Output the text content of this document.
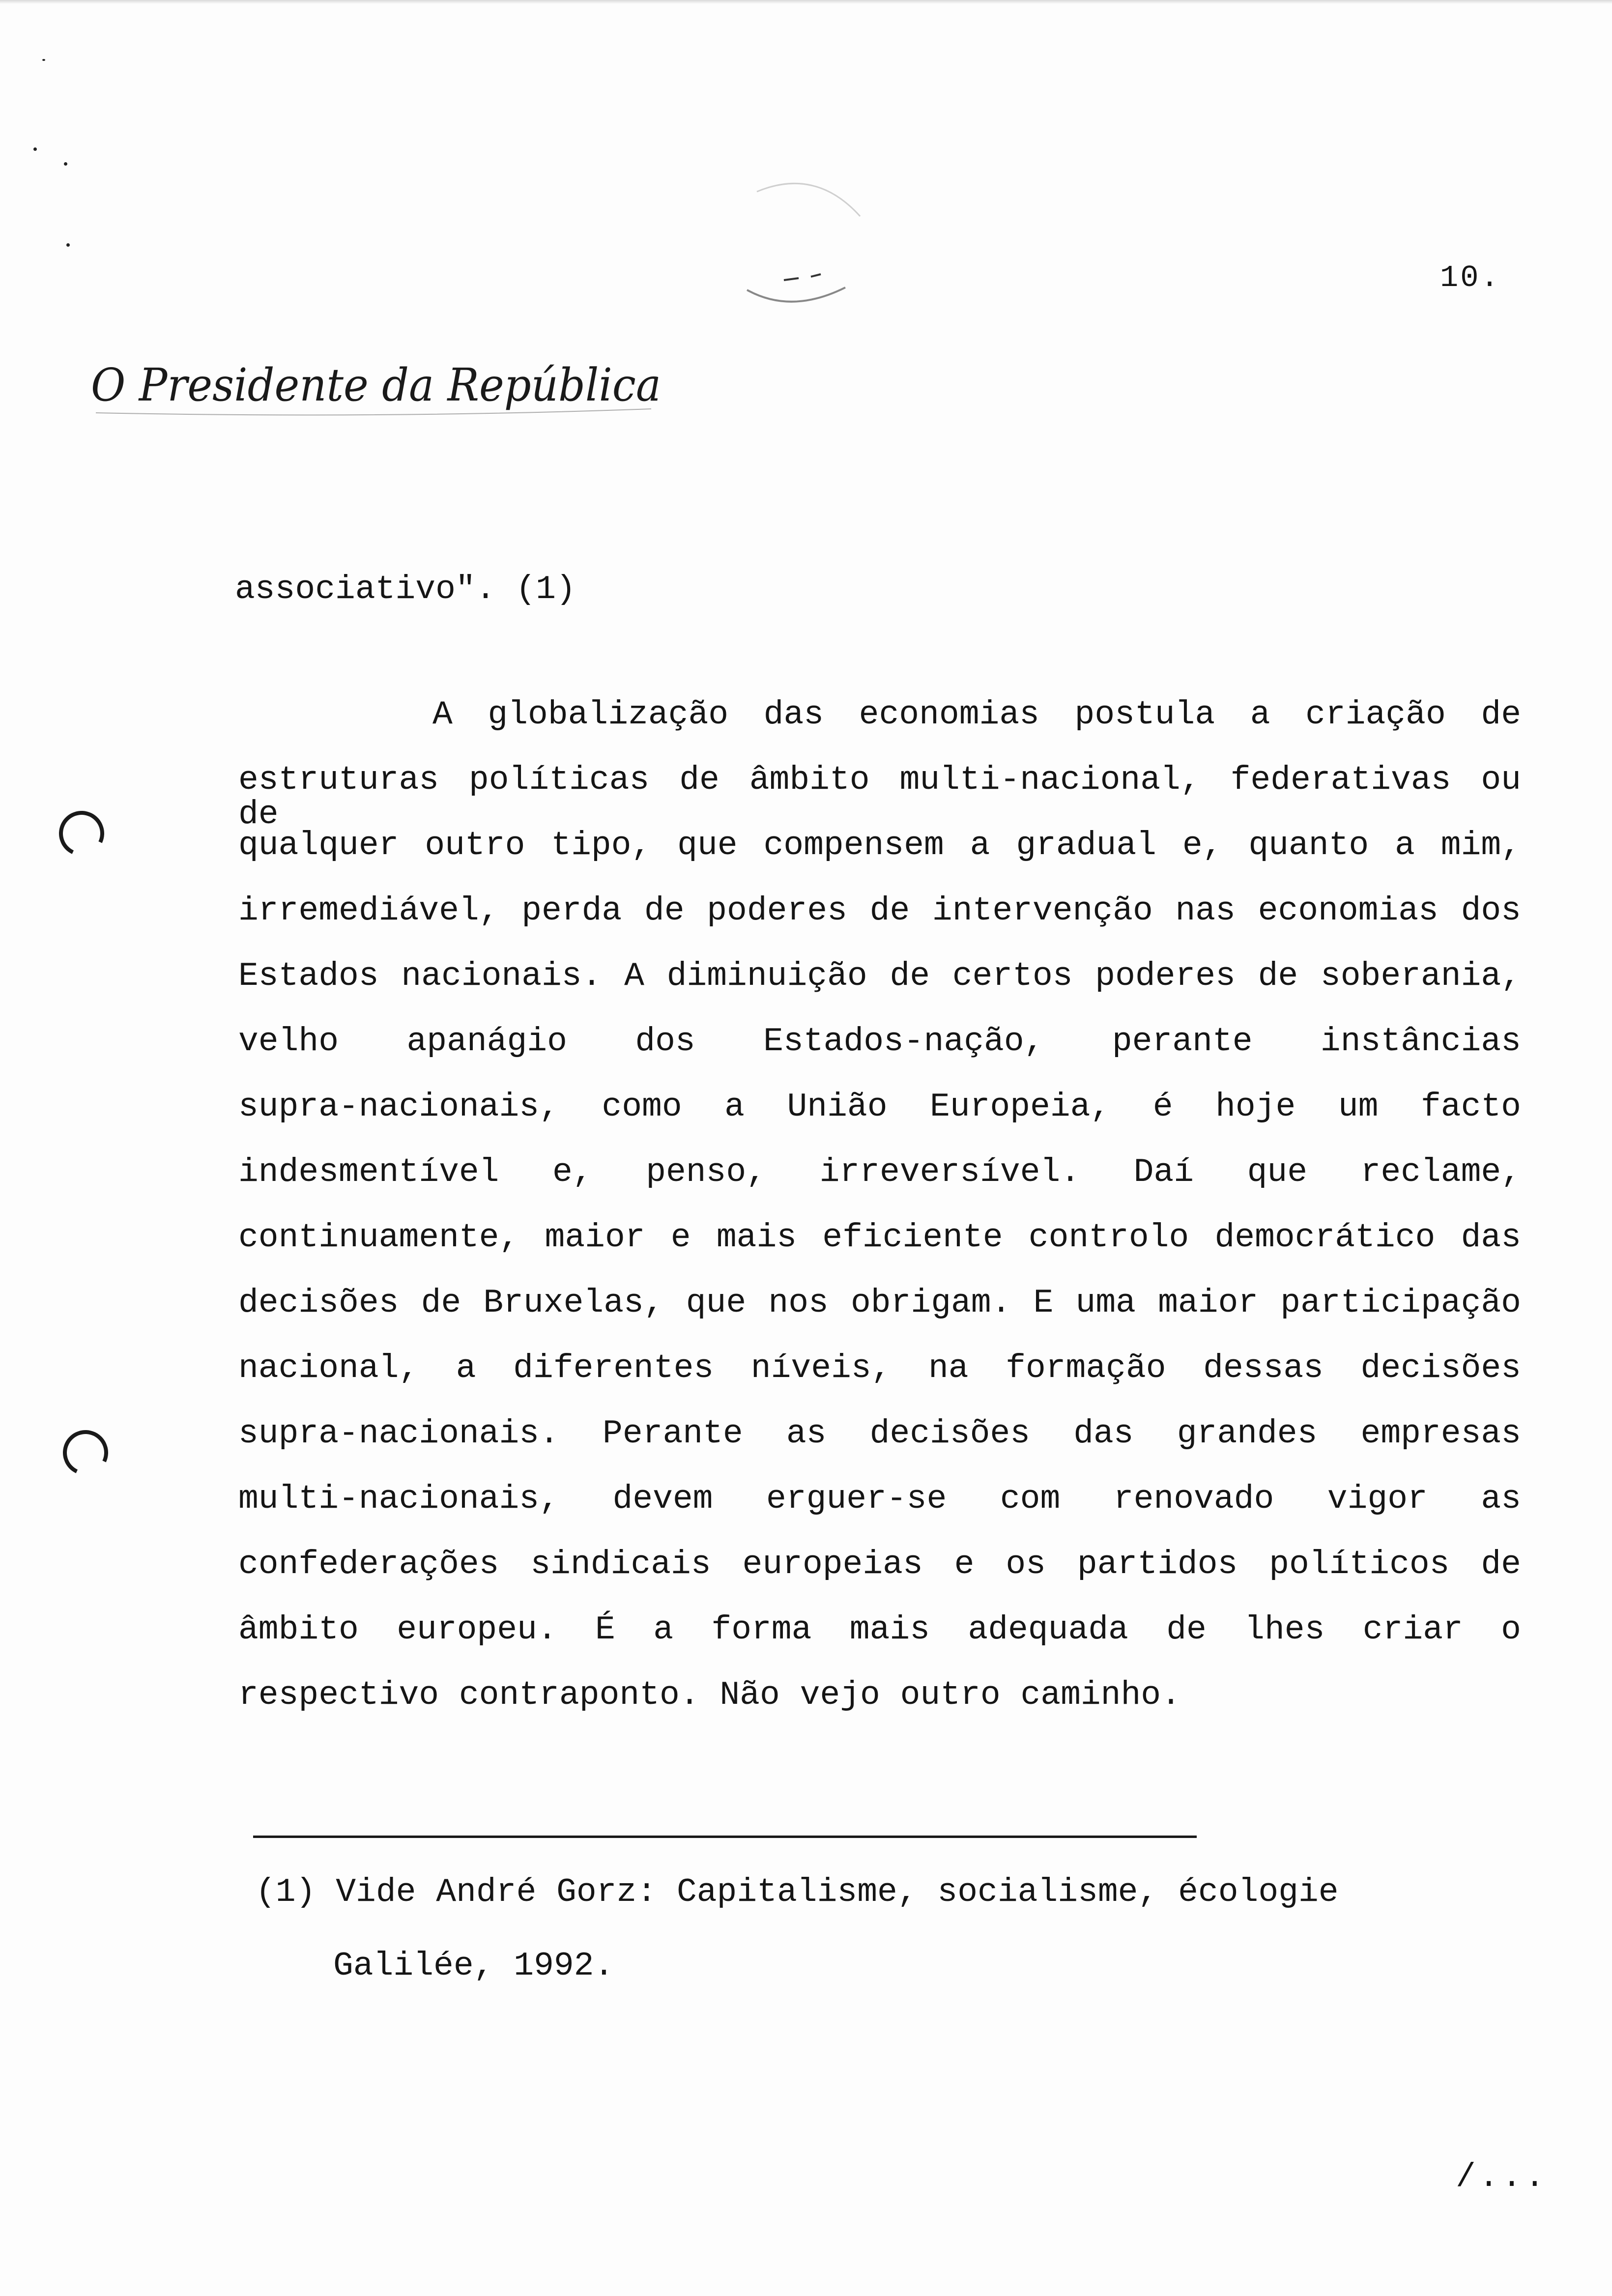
10.
O Presidente da República
associativo". (1)
A globalização das economias postula a criação de
estruturas políticas de âmbito multi-nacional, federativas ou de
qualquer outro tipo, que compensem a gradual e, quanto a mim,
irremediável, perda de poderes de intervenção nas economias dos
Estados nacionais. A diminuição de certos poderes de soberania,
velho apanágio dos Estados-nação, perante instâncias
supra-nacionais, como a União Europeia, é hoje um facto
indesmentível e, penso, irreversível. Daí que reclame,
continuamente, maior e mais eficiente controlo democrático das
decisões de Bruxelas, que nos obrigam. E uma maior participação
nacional, a diferentes níveis, na formação dessas decisões
supra-nacionais. Perante as decisões das grandes empresas
multi-nacionais, devem erguer-se com renovado vigor as
confederações sindicais europeias e os partidos políticos de
âmbito europeu. É a forma mais adequada de lhes criar o
respectivo contraponto. Não vejo outro caminho.
(1) Vide André Gorz: Capitalisme, socialisme, écologie
Galilée, 1992.
/...
